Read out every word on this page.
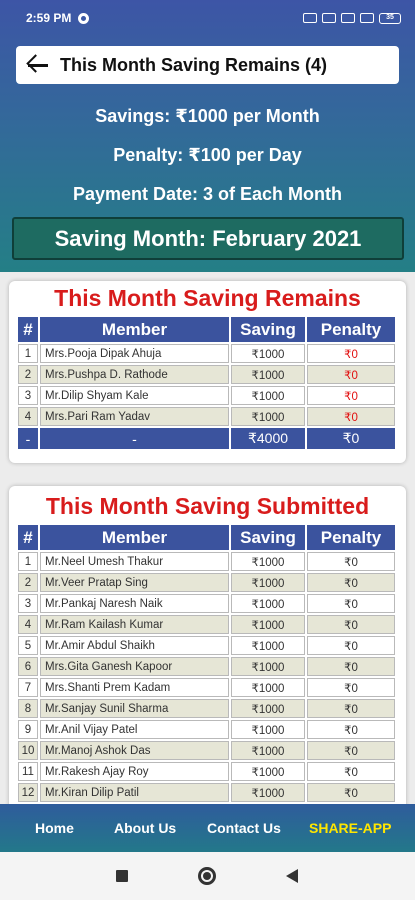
2:59 PM	35
This Month Saving Remains (4)
Savings: ₹1000 per Month
Penalty: ₹100 per Day
Payment Date: 3 of Each Month
Saving Month: February 2021
This Month Saving Remains
#	Member	Saving	Penalty
1	Mrs.Pooja Dipak Ahuja	₹1000	₹0
2	Mrs.Pushpa D. Rathode	₹1000	₹0
3	Mr.Dilip Shyam Kale	₹1000	₹0
4	Mrs.Pari Ram Yadav	₹1000	₹0
-	-	₹4000	₹0
This Month Saving Submitted
#	Member	Saving	Penalty
1	Mr.Neel Umesh Thakur	₹1000	₹0
2	Mr.Veer Pratap Sing	₹1000	₹0
3	Mr.Pankaj Naresh Naik	₹1000	₹0
4	Mr.Ram Kailash Kumar	₹1000	₹0
5	Mr.Amir Abdul Shaikh	₹1000	₹0
6	Mrs.Gita Ganesh Kapoor	₹1000	₹0
7	Mrs.Shanti Prem Kadam	₹1000	₹0
8	Mr.Sanjay Sunil Sharma	₹1000	₹0
9	Mr.Anil Vijay Patel	₹1000	₹0
10	Mr.Manoj Ashok Das	₹1000	₹0
11	Mr.Rakesh Ajay Roy	₹1000	₹0
12	Mr.Kiran Dilip Patil	₹1000	₹0
Home	About Us Contact Us SHARE-APP
